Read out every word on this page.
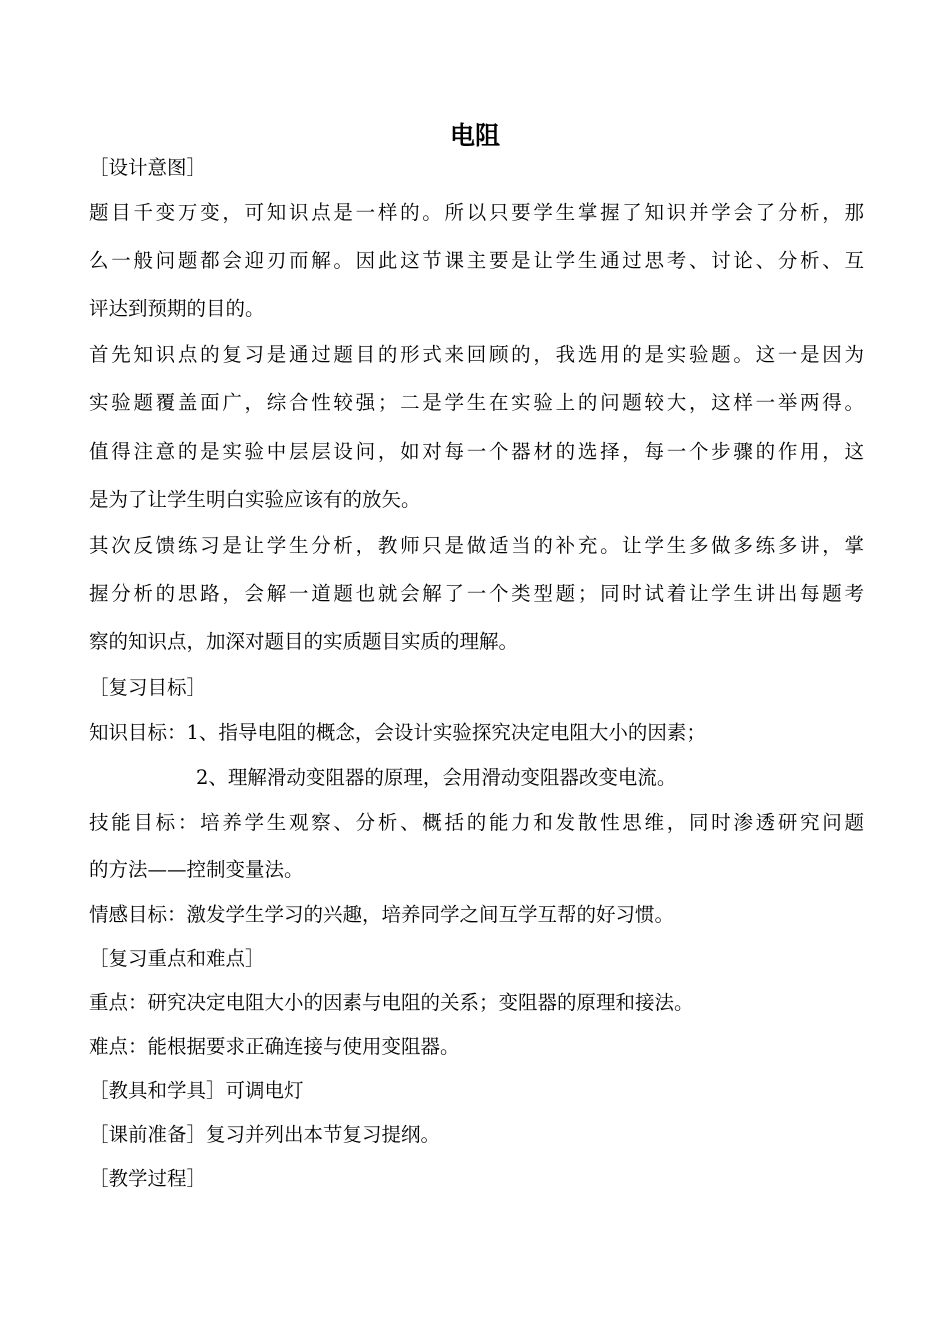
电阻

［设计意图］

题目千变万变，可知识点是一样的。所以只要学生掌握了知识并学会了分析，那

么一般问题都会迎刃而解。因此这节课主要是让学生通过思考、讨论、分析、互

评达到预期的目的。

首先知识点的复习是通过题目的形式来回顾的，我选用的是实验题。这一是因为

实验题覆盖面广，综合性较强；二是学生在实验上的问题较大，这样一举两得。

值得注意的是实验中层层设问，如对每一个器材的选择，每一个步骤的作用，这

是为了让学生明白实验应该有的放矢。

其次反馈练习是让学生分析，教师只是做适当的补充。让学生多做多练多讲，掌

握分析的思路，会解一道题也就会解了一个类型题；同时试着让学生讲出每题考

察的知识点，加深对题目的实质题目实质的理解。

［复习目标］

知识目标：1、指导电阻的概念，会设计实验探究决定电阻大小的因素；

2、理解滑动变阻器的原理，会用滑动变阻器改变电流。

技能目标：培养学生观察、分析、概括的能力和发散性思维，同时渗透研究问题

的方法——控制变量法。

情感目标：激发学生学习的兴趣，培养同学之间互学互帮的好习惯。

［复习重点和难点］

重点：研究决定电阻大小的因素与电阻的关系；变阻器的原理和接法。

难点：能根据要求正确连接与使用变阻器。

［教具和学具］可调电灯

［课前准备］复习并列出本节复习提纲。

［教学过程］
